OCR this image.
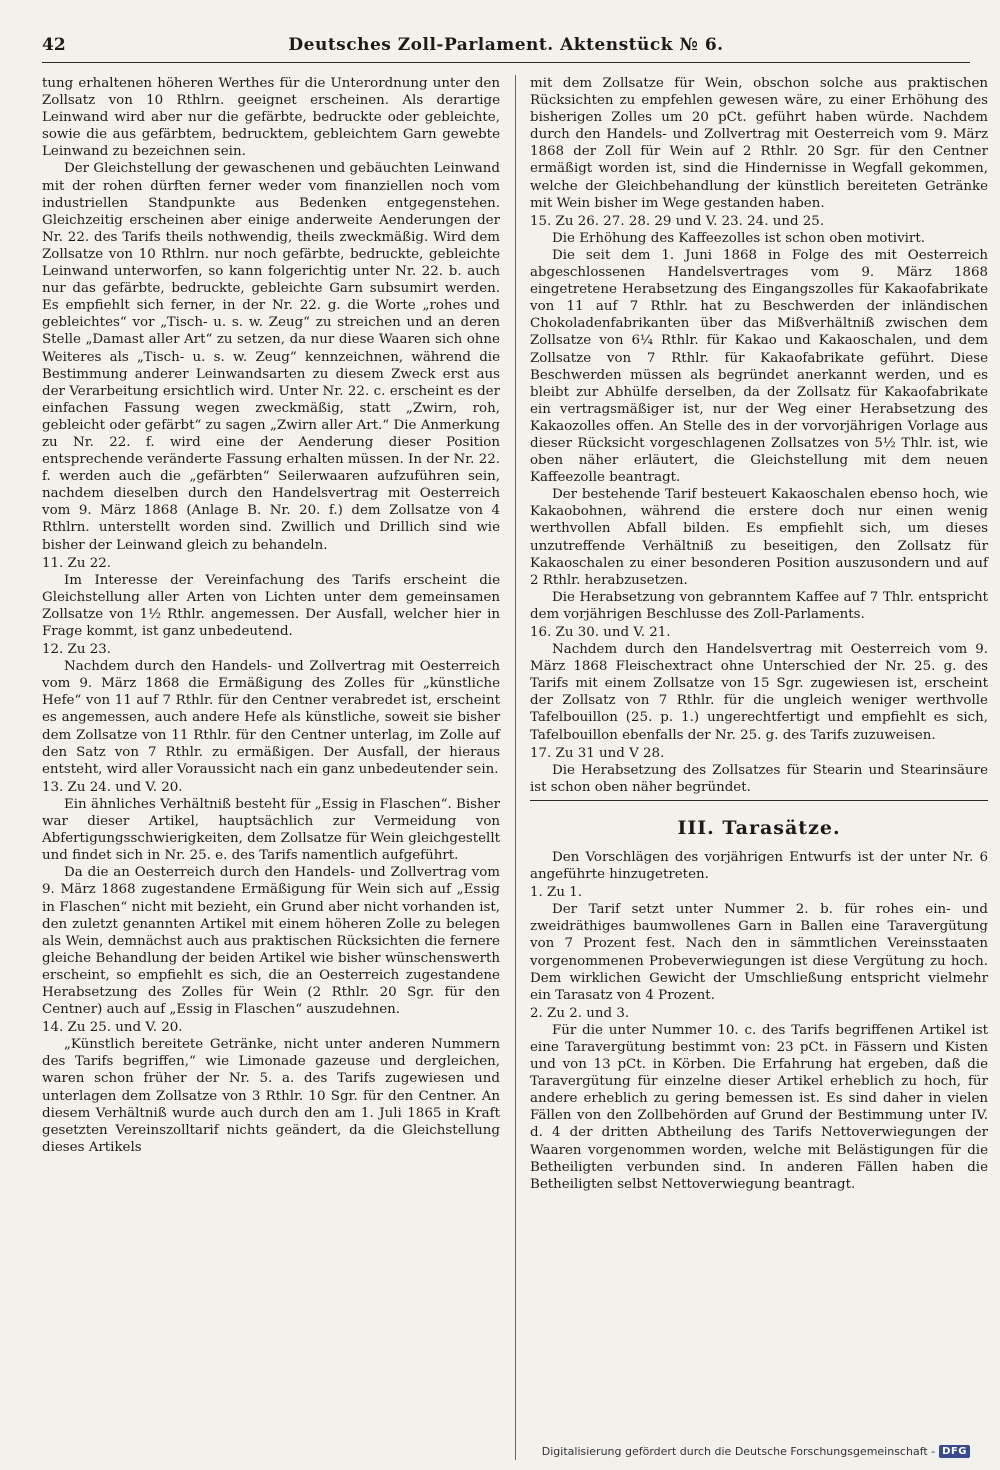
42	Deutsches Zoll-Parlament. Aktenstück № 6.

tung erhaltenen höheren Werthes für die Unterordnung unter den Zollsatz von 10 Rthlrn. geeignet erscheinen. Als derartige Leinwand wird aber nur die gefärbte, bedruckte oder gebleichte, sowie die aus gefärbtem, bedrucktem, gebleichtem Garn gewebte Leinwand zu bezeichnen sein.

Der Gleichstellung der gewaschenen und gebäuchten Leinwand mit der rohen dürften ferner weder vom finanziellen noch vom industriellen Standpunkte aus Bedenken entgegenstehen. Gleichzeitig erscheinen aber einige anderweite Aenderungen der Nr. 22. des Tarifs theils nothwendig, theils zweckmäßig. Wird dem Zollsatze von 10 Rthlrn. nur noch gefärbte, bedruckte, gebleichte Leinwand unterworfen, so kann folgerichtig unter Nr. 22. b. auch nur das gefärbte, bedruckte, gebleichte Garn subsumirt werden. Es empfiehlt sich ferner, in der Nr. 22. g. die Worte „rohes und gebleichtes“ vor „Tisch- u. s. w. Zeug“ zu streichen und an deren Stelle „Damast aller Art“ zu setzen, da nur diese Waaren sich ohne Weiteres als „Tisch- u. s. w. Zeug“ kennzeichnen, während die Bestimmung anderer Leinwandsarten zu diesem Zweck erst aus der Verarbeitung ersichtlich wird. Unter Nr. 22. c. erscheint es der einfachen Fassung wegen zweckmäßig, statt „Zwirn, roh, gebleicht oder gefärbt“ zu sagen „Zwirn aller Art.“ Die Anmerkung zu Nr. 22. f. wird eine der Aenderung dieser Position entsprechende veränderte Fassung erhalten müssen. In der Nr. 22. f. werden auch die „gefärbten“ Seilerwaaren aufzuführen sein, nachdem dieselben durch den Handelsvertrag mit Oesterreich vom 9. März 1868 (Anlage B. Nr. 20. f.) dem Zollsatze von 4 Rthlrn. unterstellt worden sind. Zwillich und Drillich sind wie bisher der Leinwand gleich zu behandeln.

11. Zu 22.

Im Interesse der Vereinfachung des Tarifs erscheint die Gleichstellung aller Arten von Lichten unter dem gemeinsamen Zollsatze von 1½ Rthlr. angemessen. Der Ausfall, welcher hier in Frage kommt, ist ganz unbedeutend.

12. Zu 23.

Nachdem durch den Handels- und Zollvertrag mit Oesterreich vom 9. März 1868 die Ermäßigung des Zolles für „künstliche Hefe“ von 11 auf 7 Rthlr. für den Centner verabredet ist, erscheint es angemessen, auch andere Hefe als künstliche, soweit sie bisher dem Zollsatze von 11 Rthlr. für den Centner unterlag, im Zolle auf den Satz von 7 Rthlr. zu ermäßigen. Der Ausfall, der hieraus entsteht, wird aller Voraussicht nach ein ganz unbedeutender sein.

13. Zu 24. und V. 20.

Ein ähnliches Verhältniß besteht für „Essig in Flaschen“. Bisher war dieser Artikel, hauptsächlich zur Vermeidung von Abfertigungsschwierigkeiten, dem Zollsatze für Wein gleichgestellt und findet sich in Nr. 25. e. des Tarifs namentlich aufgeführt.

Da die an Oesterreich durch den Handels- und Zollvertrag vom 9. März 1868 zugestandene Ermäßigung für Wein sich auf „Essig in Flaschen“ nicht mit bezieht, ein Grund aber nicht vorhanden ist, den zuletzt genannten Artikel mit einem höheren Zolle zu belegen als Wein, demnächst auch aus praktischen Rücksichten die fernere gleiche Behandlung der beiden Artikel wie bisher wünschenswerth erscheint, so empfiehlt es sich, die an Oesterreich zugestandene Herabsetzung des Zolles für Wein (2 Rthlr. 20 Sgr. für den Centner) auch auf „Essig in Flaschen“ auszudehnen.

14. Zu 25. und V. 20.

„Künstlich bereitete Getränke, nicht unter anderen Nummern des Tarifs begriffen,“ wie Limonade gazeuse und dergleichen, waren schon früher der Nr. 5. a. des Tarifs zugewiesen und unterlagen dem Zollsatze von 3 Rthlr. 10 Sgr. für den Centner. An diesem Verhältniß wurde auch durch den am 1. Juli 1865 in Kraft gesetzten Vereinszolltarif nichts geändert, da die Gleichstellung dieses Artikels

mit dem Zollsatze für Wein, obschon solche aus praktischen Rücksichten zu empfehlen gewesen wäre, zu einer Erhöhung des bisherigen Zolles um 20 pCt. geführt haben würde. Nachdem durch den Handels- und Zollvertrag mit Oesterreich vom 9. März 1868 der Zoll für Wein auf 2 Rthlr. 20 Sgr. für den Centner ermäßigt worden ist, sind die Hindernisse in Wegfall gekommen, welche der Gleichbehandlung der künstlich bereiteten Getränke mit Wein bisher im Wege gestanden haben.

15. Zu 26. 27. 28. 29 und V. 23. 24. und 25.

Die Erhöhung des Kaffeezolles ist schon oben motivirt.

Die seit dem 1. Juni 1868 in Folge des mit Oesterreich abgeschlossenen Handelsvertrages vom 9. März 1868 eingetretene Herabsetzung des Eingangszolles für Kakaofabrikate von 11 auf 7 Rthlr. hat zu Beschwerden der inländischen Chokoladenfabrikanten über das Mißverhältniß zwischen dem Zollsatze von 6¼ Rthlr. für Kakao und Kakaoschalen, und dem Zollsatze von 7 Rthlr. für Kakaofabrikate geführt. Diese Beschwerden müssen als begründet anerkannt werden, und es bleibt zur Abhülfe derselben, da der Zollsatz für Kakaofabrikate ein vertragsmäßiger ist, nur der Weg einer Herabsetzung des Kakaozolles offen. An Stelle des in der vorvorjährigen Vorlage aus dieser Rücksicht vorgeschlagenen Zollsatzes von 5½ Thlr. ist, wie oben näher erläutert, die Gleichstellung mit dem neuen Kaffeezolle beantragt.

Der bestehende Tarif besteuert Kakaoschalen ebenso hoch, wie Kakaobohnen, während die erstere doch nur einen wenig werthvollen Abfall bilden. Es empfiehlt sich, um dieses unzutreffende Verhältniß zu beseitigen, den Zollsatz für Kakaoschalen zu einer besonderen Position auszusondern und auf 2 Rthlr. herabzusetzen.

Die Herabsetzung von gebranntem Kaffee auf 7 Thlr. entspricht dem vorjährigen Beschlusse des Zoll-Parlaments.

16. Zu 30. und V. 21.

Nachdem durch den Handelsvertrag mit Oesterreich vom 9. März 1868 Fleischextract ohne Unterschied der Nr. 25. g. des Tarifs mit einem Zollsatze von 15 Sgr. zugewiesen ist, erscheint der Zollsatz von 7 Rthlr. für die ungleich weniger werthvolle Tafelbouillon (25. p. 1.) ungerechtfertigt und empfiehlt es sich, Tafelbouillon ebenfalls der Nr. 25. g. des Tarifs zuzuweisen.

17. Zu 31 und V 28.

Die Herabsetzung des Zollsatzes für Stearin und Stearinsäure ist schon oben näher begründet.

III. Tarasätze.

Den Vorschlägen des vorjährigen Entwurfs ist der unter Nr. 6 angeführte hinzugetreten.

1. Zu 1.

Der Tarif setzt unter Nummer 2. b. für rohes ein- und zweidräthiges baumwollenes Garn in Ballen eine Taravergütung von 7 Prozent fest. Nach den in sämmtlichen Vereinsstaaten vorgenommenen Probeverwiegungen ist diese Vergütung zu hoch. Dem wirklichen Gewicht der Umschließung entspricht vielmehr ein Tarasatz von 4 Prozent.

2. Zu 2. und 3.

Für die unter Nummer 10. c. des Tarifs begriffenen Artikel ist eine Taravergütung bestimmt von: 23 pCt. in Fässern und Kisten und von 13 pCt. in Körben. Die Erfahrung hat ergeben, daß die Taravergütung für einzelne dieser Artikel erheblich zu hoch, für andere erheblich zu gering bemessen ist. Es sind daher in vielen Fällen von den Zollbehörden auf Grund der Bestimmung unter IV. d. 4 der dritten Abtheilung des Tarifs Nettoverwiegungen der Waaren vorgenommen worden, welche mit Belästigungen für die Betheiligten verbunden sind. In anderen Fällen haben die Betheiligten selbst Nettoverwiegung beantragt.

Digitalisierung gefördert durch die Deutsche Forschungsgemeinschaft - DFG
